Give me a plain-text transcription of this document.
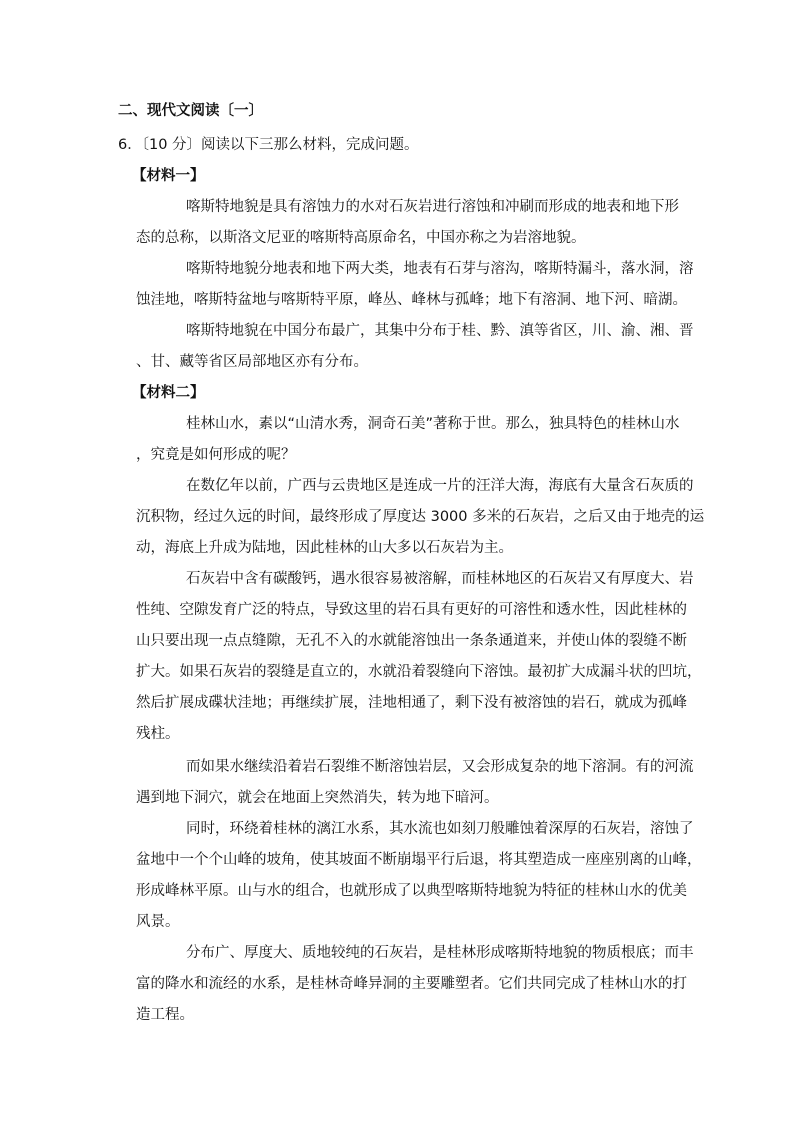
二、现代文阅读〔一〕
6．〔10 分〕阅读以下三那么材料，完成问题。
【材料一】
喀斯特地貌是具有溶蚀力的水对石灰岩进行溶蚀和冲刷而形成的地表和地下形
态的总称，以斯洛文尼亚的喀斯特高原命名，中国亦称之为岩溶地貌。
喀斯特地貌分地表和地下两大类，地表有石芽与溶沟，喀斯特漏斗，落水洞，溶
蚀洼地，喀斯特盆地与喀斯特平原，峰丛、峰林与孤峰；地下有溶洞、地下河、暗湖。
喀斯特地貌在中国分布最广，其集中分布于桂、黔、滇等省区，川、渝、湘、晋
、甘、藏等省区局部地区亦有分布。
【材料二】
桂林山水，素以“山清水秀，洞奇石美”著称于世。那么，独具特色的桂林山水
，究竟是如何形成的呢？
在数亿年以前，广西与云贵地区是连成一片的汪洋大海，海底有大量含石灰质的
沉积物，经过久远的时间，最终形成了厚度达 3000 多米的石灰岩，之后又由于地壳的运
动，海底上升成为陆地，因此桂林的山大多以石灰岩为主。
石灰岩中含有碳酸钙，遇水很容易被溶解，而桂林地区的石灰岩又有厚度大、岩
性纯、空隙发育广泛的特点，导致这里的岩石具有更好的可溶性和透水性，因此桂林的
山只要出现一点点缝隙，无孔不入的水就能溶蚀出一条条通道来，并使山体的裂缝不断
扩大。如果石灰岩的裂缝是直立的，水就沿着裂缝向下溶蚀。最初扩大成漏斗状的凹坑，
然后扩展成碟状洼地；再继续扩展，洼地相通了，剩下没有被溶蚀的岩石，就成为孤峰
残柱。
而如果水继续沿着岩石裂维不断溶蚀岩层，又会形成复杂的地下溶洞。有的河流
遇到地下洞穴，就会在地面上突然消失，转为地下暗河。
同时，环绕着桂林的漓江水系，其水流也如刻刀般雕蚀着深厚的石灰岩，溶蚀了
盆地中一个个山峰的坡角，使其坡面不断崩塌平行后退，将其塑造成一座座别离的山峰，
形成峰林平原。山与水的组合，也就形成了以典型喀斯特地貌为特征的桂林山水的优美
风景。
分布广、厚度大、质地较纯的石灰岩，是桂林形成喀斯特地貌的物质根底；而丰
富的降水和流经的水系，是桂林奇峰异洞的主要雕塑者。它们共同完成了桂林山水的打
造工程。
